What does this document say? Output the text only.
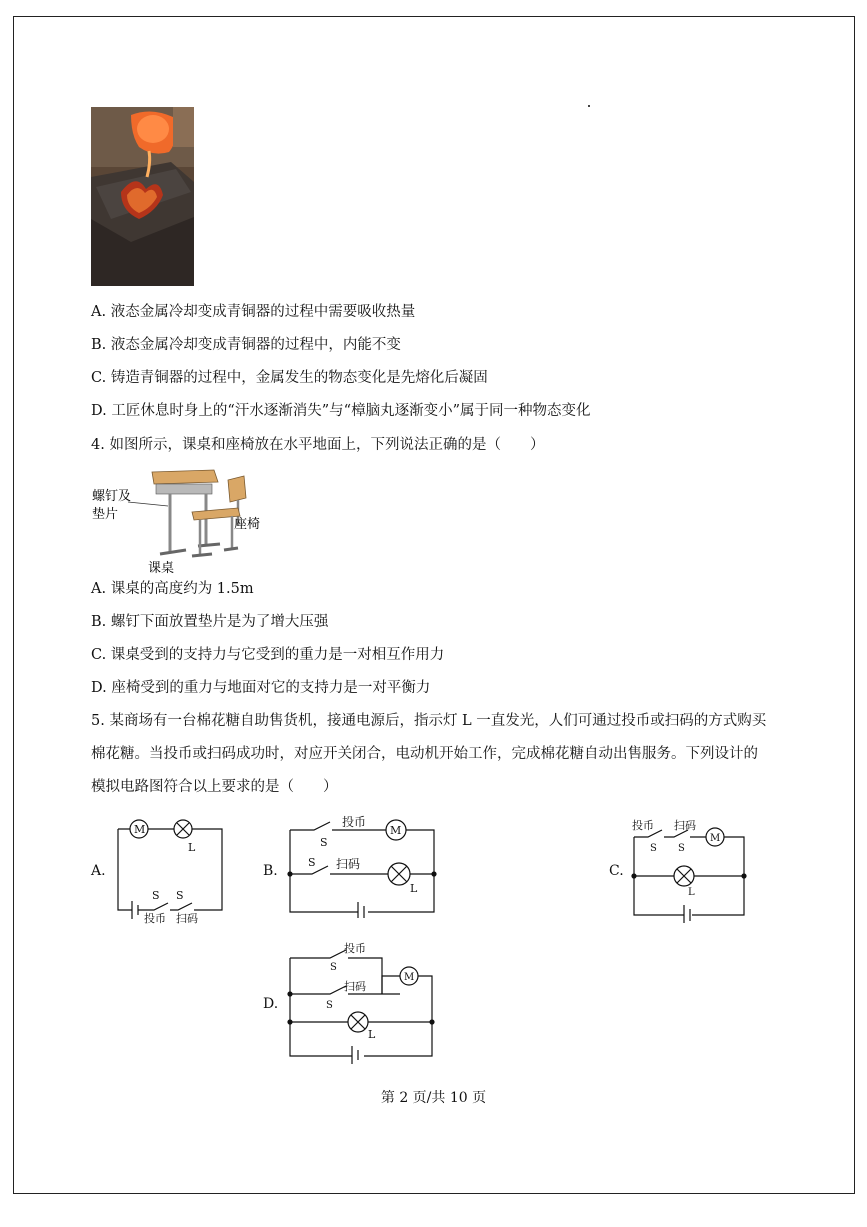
A. 液态金属冷却变成青铜器的过程中需要吸收热量
B. 液态金属冷却变成青铜器的过程中，内能不变
C. 铸造青铜器的过程中，金属发生的物态变化是先熔化后凝固
D. 工匠休息时身上的“汗水逐渐消失”与“樟脑丸逐渐变小”属于同一种物态变化
4. 如图所示，课桌和座椅放在水平地面上，下列说法正确的是（　　）
螺钉及
垫片
座椅
课桌
A. 课桌的高度约为 1.5m
B. 螺钉下面放置垫片是为了增大压强
C. 课桌受到的支持力与它受到的重力是一对相互作用力
D. 座椅受到的重力与地面对它的支持力是一对平衡力
5. 某商场有一台棉花糖自助售货机，接通电源后，指示灯 L 一直发光，人们可通过投币或扫码的方式购买
棉花糖。当投币或扫码成功时，对应开关闭合，电动机开始工作，完成棉花糖自动出售服务。下列设计的
模拟电路图符合以上要求的是（　　）
A.	B.	C.
D.
M
L
S S
投币 扫码
M
投币
S
S 扫码
L
M
投币 扫码
S S
L
M
投币
扫码
S
S
L
第 2 页/共 10 页
